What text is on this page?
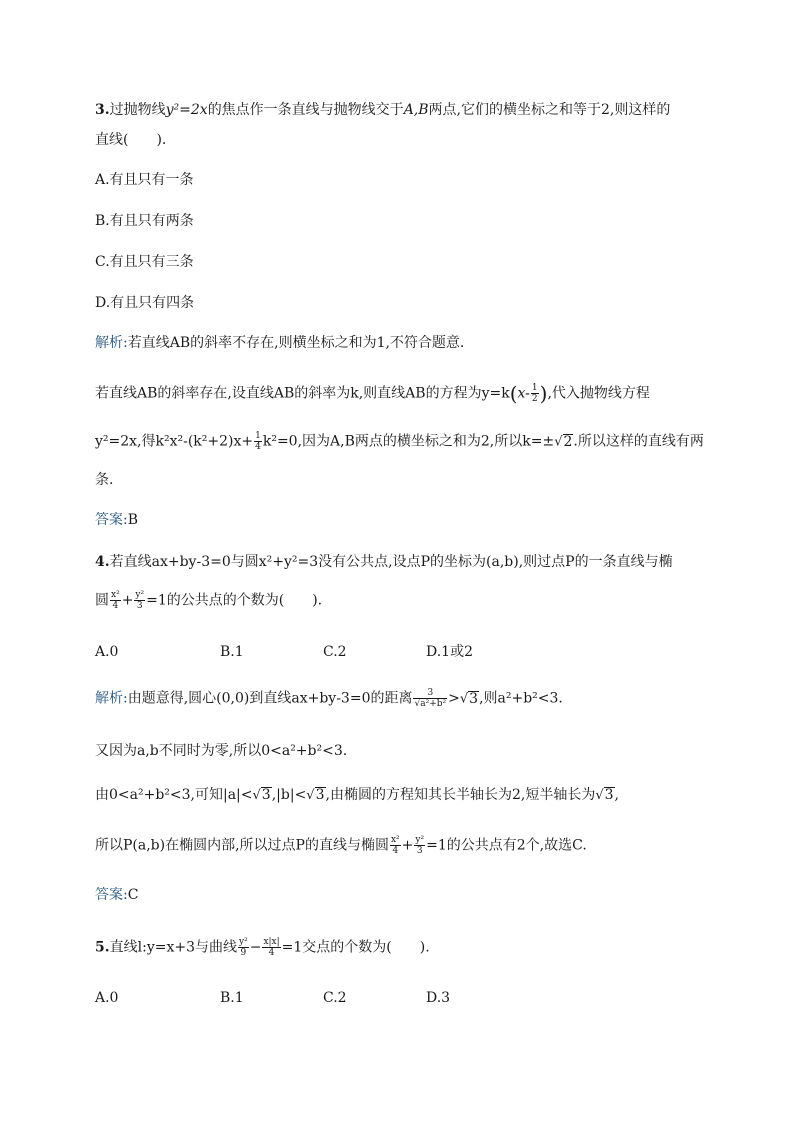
3.过抛物线y²=2x的焦点作一条直线与抛物线交于A,B两点,它们的横坐标之和等于2,则这样的
直线(　　).
A.有且只有一条
B.有且只有两条
C.有且只有三条
D.有且只有四条
解析:若直线AB的斜率不存在,则横坐标之和为1,不符合题意.
若直线AB的斜率存在,设直线AB的斜率为k,则直线AB的方程为$y=k(x- \frac{1}{2}$ ),代入抛物线方程
y²=2x,得$k^2x^2-(k^2+2)x+ \frac{1}{4} k^2=0$,因为A,B两点的横坐标之和为2,所以k=±√2.所以这样的直线有两
条.
答案:B
4.若直线ax+by-3=0与圆x²+y²=3没有公共点,设点P的坐标为(a,b),则过点P的一条直线与椭
圆 $\frac{\text{x²}}{4} + \frac{\text{y²}}{3} =1$的公共点的个数为(　　).
A.0	B.1	C.2	D.1或2
解析:由题意得,圆心(0,0)到直线ax+by-3=0的距离 $\frac{3}{\text{√a²+b²}} >√3$,则a²+b²<3.
又因为a,b不同时为零,所以0<a²+b²<3.
由0<a²+b²<3,可知|a|<√3,|b|<√3,由椭圆的方程知其长半轴长为2,短半轴长为√3,
所以P(a,b)在椭圆内部,所以过点P的直线与椭圆 $\frac{\text{x²}}{4} + \frac{\text{y²}}{3} =1$的公共点有2个,故选C.
答案:C
5.直线l:y=x+3与曲线 $\frac{\text{y²}}{9} - \frac{x|x|}{4} =1$交点的个数为(　　).
A.0	B.1	C.2	D.3
